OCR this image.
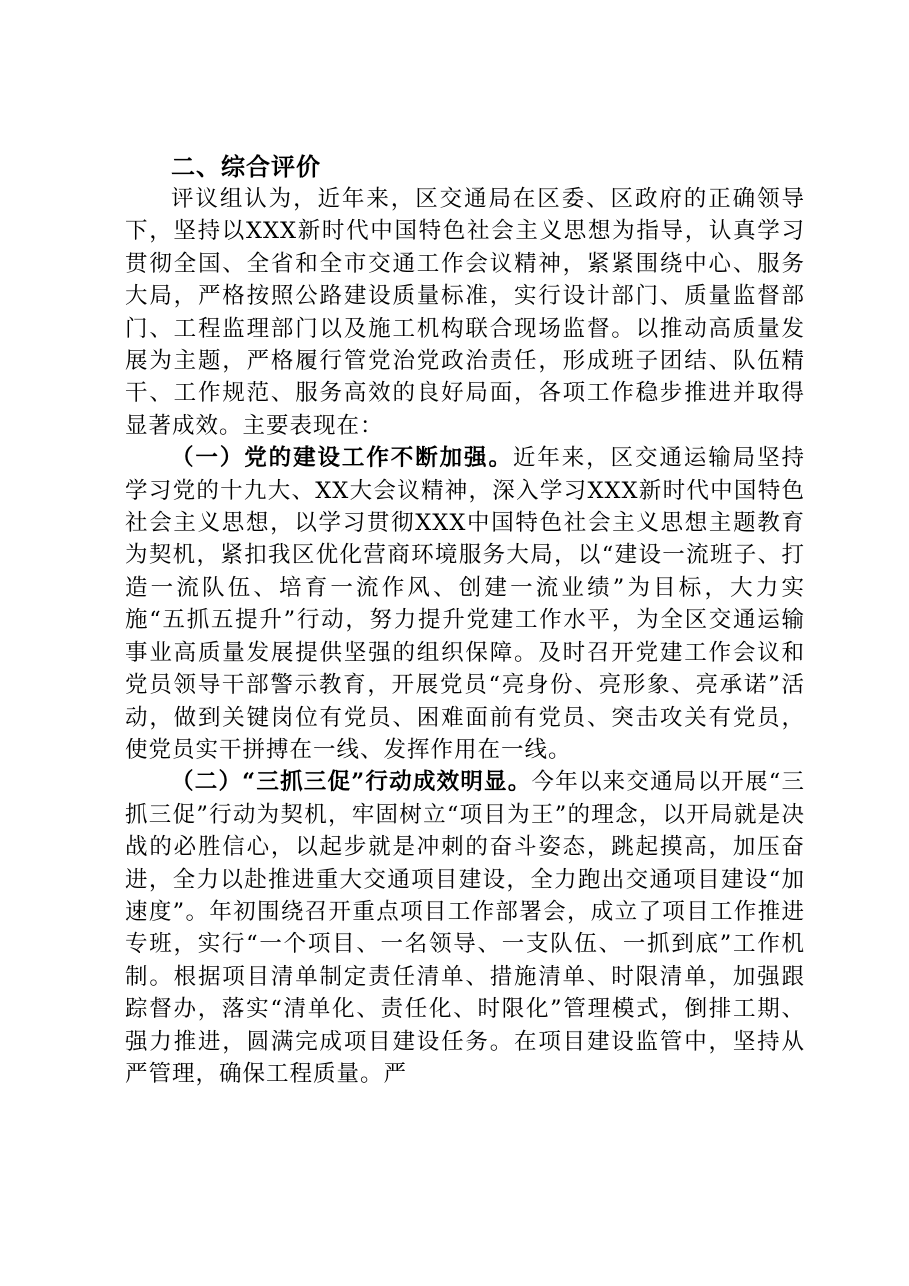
二、综合评价

评议组认为，近年来，区交通局在区委、区政府的正确领导下，坚持以XXX新时代中国特色社会主义思想为指导，认真学习贯彻全国、全省和全市交通工作会议精神，紧紧围绕中心、服务大局，严格按照公路建设质量标准，实行设计部门、质量监督部门、工程监理部门以及施工机构联合现场监督。以推动高质量发展为主题，严格履行管党治党政治责任，形成班子团结、队伍精干、工作规范、服务高效的良好局面，各项工作稳步推进并取得显著成效。主要表现在：

（一）党的建设工作不断加强。近年来，区交通运输局坚持学习党的十九大、XX大会议精神，深入学习XXX新时代中国特色社会主义思想，以学习贯彻XXX中国特色社会主义思想主题教育为契机，紧扣我区优化营商环境服务大局，以“建设一流班子、打造一流队伍、培育一流作风、创建一流业绩”为目标，大力实施“五抓五提升”行动，努力提升党建工作水平，为全区交通运输事业高质量发展提供坚强的组织保障。及时召开党建工作会议和党员领导干部警示教育，开展党员“亮身份、亮形象、亮承诺”活动，做到关键岗位有党员、困难面前有党员、突击攻关有党员，使党员实干拼搏在一线、发挥作用在一线。

（二）“三抓三促”行动成效明显。今年以来交通局以开展“三抓三促”行动为契机，牢固树立“项目为王”的理念，以开局就是决战的必胜信心，以起步就是冲刺的奋斗姿态，跳起摸高，加压奋进，全力以赴推进重大交通项目建设，全力跑出交通项目建设“加速度”。年初围绕召开重点项目工作部署会，成立了项目工作推进专班，实行“一个项目、一名领导、一支队伍、一抓到底”工作机制。根据项目清单制定责任清单、措施清单、时限清单，加强跟踪督办，落实“清单化、责任化、时限化”管理模式，倒排工期、强力推进，圆满完成项目建设任务。在项目建设监管中，坚持从严管理，确保工程质量。严
